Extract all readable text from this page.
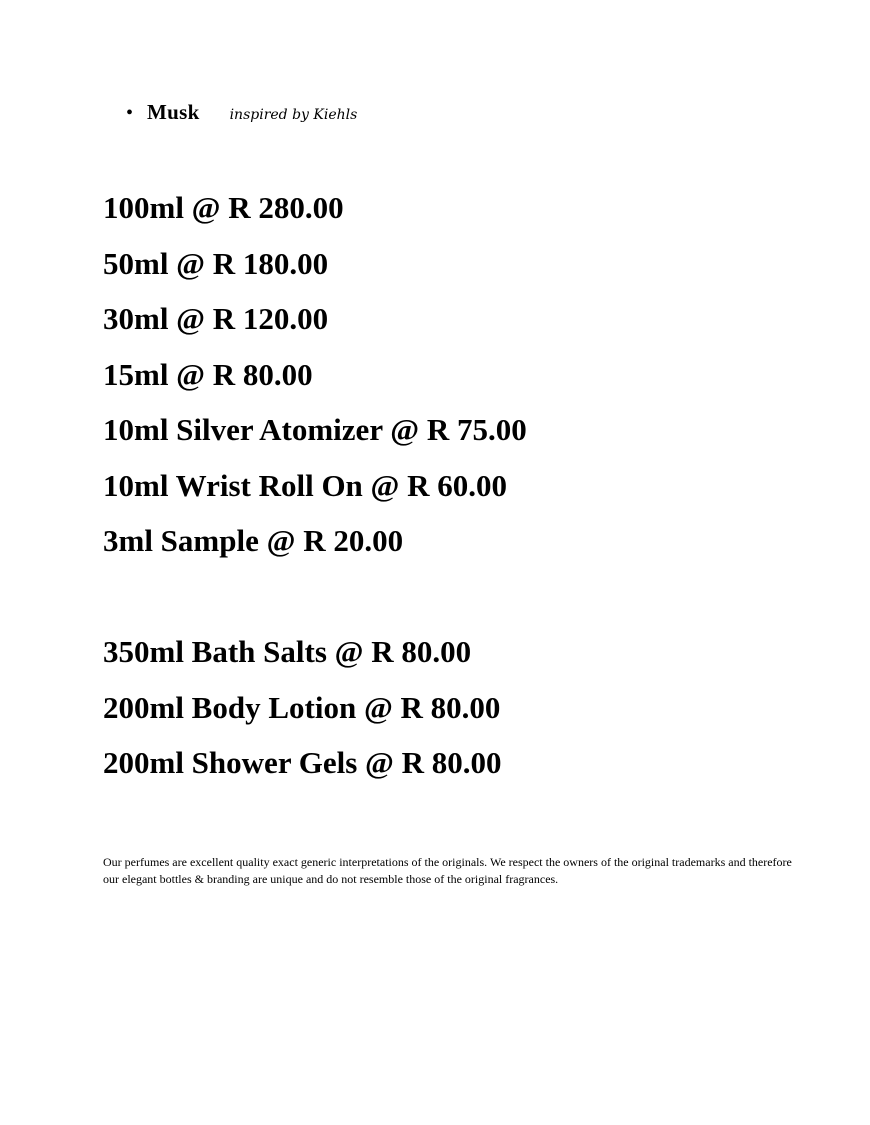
• Musk inspired by Kiehls
100ml @ R 280.00
50ml @ R 180.00
30ml @ R 120.00
15ml @ R 80.00
10ml Silver Atomizer @ R 75.00
10ml Wrist Roll On @ R 60.00
3ml Sample @ R 20.00
350ml Bath Salts @ R 80.00
200ml Body Lotion @ R 80.00
200ml Shower Gels @ R 80.00

Our perfumes are excellent quality exact generic interpretations of the originals. We respect the owners of the original trademarks and therefore our elegant bottles & branding are unique and do not resemble those of the original fragrances.
